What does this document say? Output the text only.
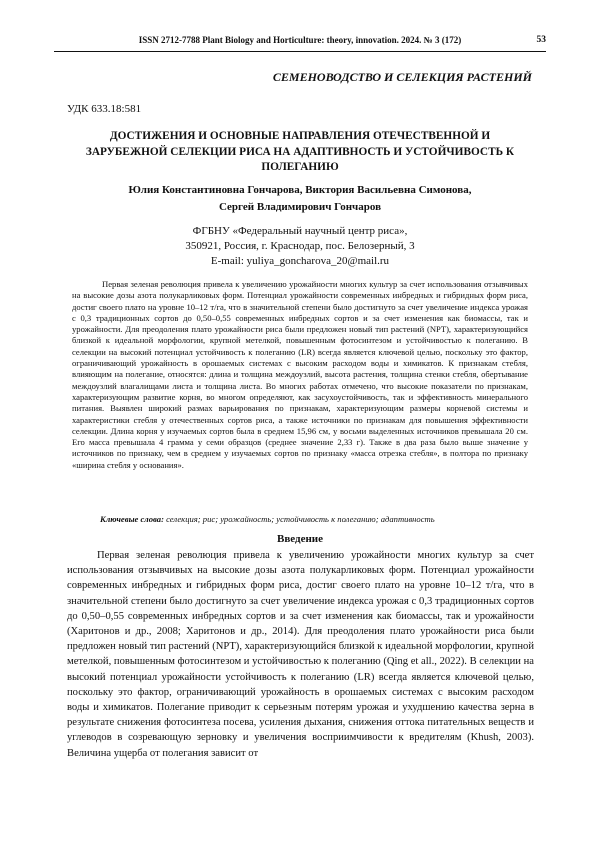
ISSN 2712-7788 Plant Biology and Horticulture: theory, innovation. 2024. № 3 (172)	53
СЕМЕНОВОДСТВО И СЕЛЕКЦИЯ РАСТЕНИЙ
УДК 633.18:581
ДОСТИЖЕНИЯ И ОСНОВНЫЕ НАПРАВЛЕНИЯ ОТЕЧЕСТВЕННОЙ И ЗАРУБЕЖНОЙ СЕЛЕКЦИИ РИСА НА АДАПТИВНОСТЬ И УСТОЙЧИВОСТЬ К ПОЛЕГАНИЮ
Юлия Константиновна Гончарова, Виктория Васильевна Симонова,
Сергей Владимирович Гончаров
ФГБНУ «Федеральный научный центр риса»,
350921, Россия, г. Краснодар, пос. Белозерный, 3
E-mail: yuliya_goncharova_20@mail.ru
Первая зеленая революция привела к увеличению урожайности многих культур за счет использования отзывчивых на высокие дозы азота полукарликовых форм. Потенциал урожайности современных инбредных и гибридных форм риса, достиг своего плато на уровне 10–12 т/га, что в значительной степени было достигнуто за счет увеличение индекса урожая с 0,3 традиционных сортов до 0,50–0,55 современных инбредных сортов и за счет изменения как биомассы, так и урожайности. Для преодоления плато урожайности риса были предложен новый тип растений (NPT), характеризующийся близкой к идеальной морфологии, крупной метелкой, повышенным фотосинтезом и устойчивостью к полеганию. В селекции на высокий потенциал устойчивость к полеганию (LR) всегда является ключевой целью, поскольку это фактор, ограничивающий урожайность в орошаемых системах с высоким расходом воды и химикатов. К признакам стебля, влияющим на полегание, относятся: длина и толщина междоузлий, высота растения, толщина стенки стебля, обертывание междоузлий влагалищами листа и толщина листа. Во многих работах отмечено, что высокие показатели по признакам, характеризующим развитие корня, во многом определяют, как засухоустойчивость, так и эффективность минерального питания. Выявлен широкий размах варьирования по признакам, характеризующим размеры корневой системы и характеристики стебля у отечественных сортов риса, а также источники по признакам для повышения эффективности селекции. Длина корня у изучаемых сортов была в среднем 15,96 см, у восьми выделенных источников превышала 20 см. Его масса превышала 4 грамма у семи образцов (среднее значение 2,33 г). Также в два раза было выше значение у источников по признаку, чем в среднем у изучаемых сортов по признаку «масса отрезка стебля», в полтора по признаку «ширина стебля у основания».
Ключевые слова: селекция; рис; урожайность; устойчивость к полеганию; адаптивность
Введение
Первая зеленая революция привела к увеличению урожайности многих культур за счет использования отзывчивых на высокие дозы азота полукарликовых форм. Потенциал урожайности современных инбредных и гибридных форм риса, достиг своего плато на уровне 10–12 т/га, что в значительной степени было достигнуто за счет увеличение индекса урожая с 0,3 традиционных сортов до 0,50–0,55 современных инбредных сортов и за счет изменения как биомассы, так и урожайности (Харитонов и др., 2008; Харитонов и др., 2014). Для преодоления плато урожайности риса были предложен новый тип растений (NPT), характеризующийся близкой к идеальной морфологии, крупной метелкой, повышенным фотосинтезом и устойчивостью к полеганию (Qing et all., 2022). В селекции на высокий потенциал урожайности устойчивость к полеганию (LR) всегда является ключевой целью, поскольку это фактор, ограничивающий урожайность в орошаемых системах с высоким расходом воды и химикатов. Полегание приводит к серьезным потерям урожая и ухудшению качества зерна в результате снижения фотосинтеза посева, усиления дыхания, снижения оттока питательных веществ и углеводов в созревающую зерновку и увеличения восприимчивости к вредителям (Khush, 2003). Величина ущерба от полегания зависит от
